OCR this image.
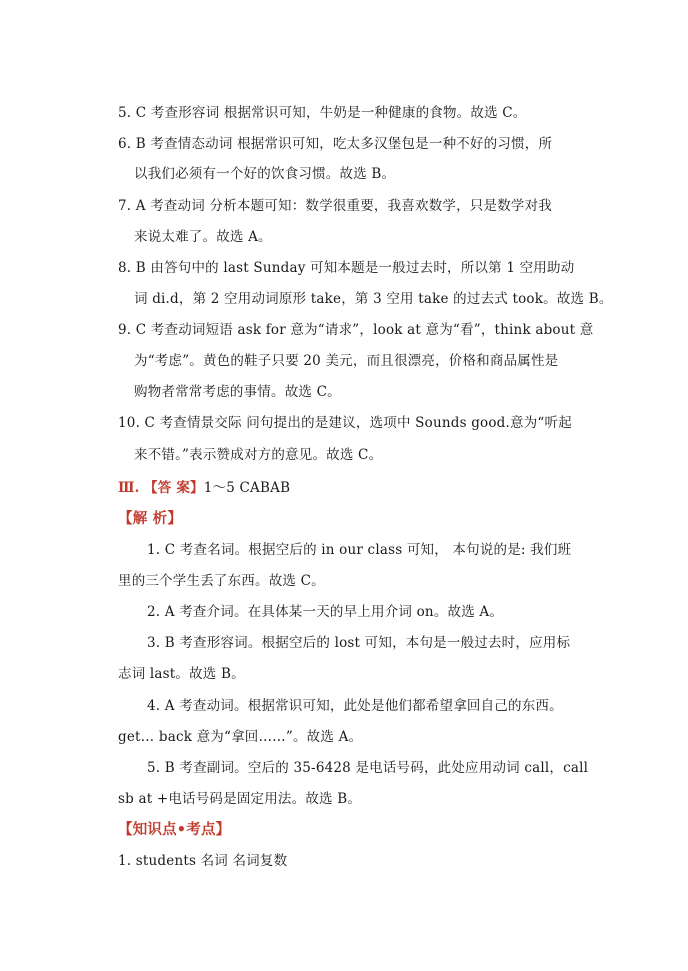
5. C 考查形容词 根据常识可知，牛奶是一种健康的食物。故选 C。
6. B 考查情态动词 根据常识可知，吃太多汉堡包是一种不好的习惯，所
以我们必须有一个好的饮食习惯。故选 B。
7. A 考查动词 分析本题可知：数学很重要，我喜欢数学，只是数学对我
来说太难了。故选 A。
8. B 由答句中的 last Sunday 可知本题是一般过去时，所以第 1 空用助动
词 di.d，第 2 空用动词原形 take，第 3 空用 take 的过去式 took。故选 B。
9. C 考查动词短语 ask for 意为“请求”，look at 意为“看”，think about 意
为“考虑”。黄色的鞋子只要 20 美元，而且很漂亮，价格和商品属性是
购物者常常考虑的事情。故选 C。
10. C 考查情景交际 问句提出的是建议，选项中 Sounds good.意为“听起
来不错。”表示赞成对方的意见。故选 C。
Ⅲ. 【答 案】1～5 CABAB
【解 析】
1. C 考查名词。根据空后的 in our class 可知， 本句说的是: 我们班
里的三个学生丢了东西。故选 C。
2. A 考查介词。在具体某一天的早上用介词 on。故选 A。
3. B 考查形容词。根据空后的 lost 可知，本句是一般过去时，应用标
志词 last。故选 B。
4. A 考查动词。根据常识可知，此处是他们都希望拿回自己的东西。
get… back 意为“拿回……”。故选 A。
5. B 考查副词。空后的 35-6428 是电话号码，此处应用动词 call，call
sb at +电话号码是固定用法。故选 B。
【知识点•考点】
1. students 名词 名词复数
